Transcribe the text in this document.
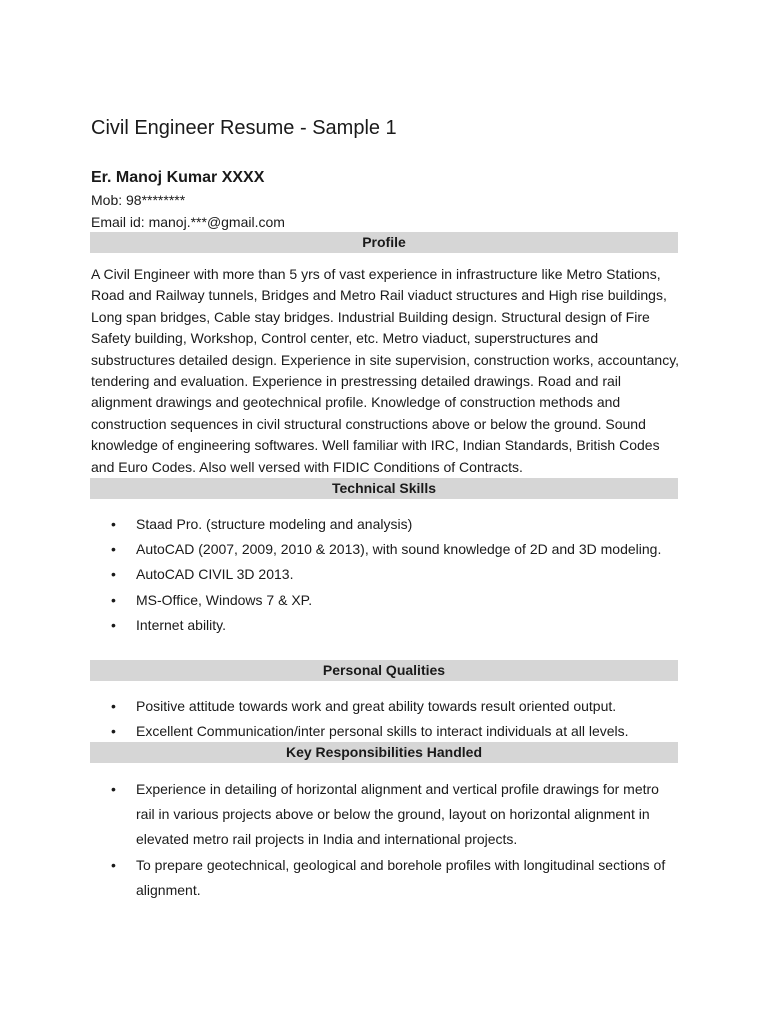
Civil Engineer Resume - Sample 1
Er. Manoj Kumar XXXX
Mob: 98********
Email id: manoj.***@gmail.com
Profile

A Civil Engineer with more than 5 yrs of vast experience in infrastructure like Metro Stations, Road and Railway tunnels, Bridges and Metro Rail viaduct structures and High rise buildings, Long span bridges, Cable stay bridges. Industrial Building design. Structural design of Fire Safety building, Workshop, Control center, etc. Metro viaduct, superstructures and substructures detailed design. Experience in site supervision, construction works, accountancy, tendering and evaluation. Experience in prestressing detailed drawings. Road and rail alignment drawings and geotechnical profile. Knowledge of construction methods and construction sequences in civil structural constructions above or below the ground. Sound knowledge of engineering softwares. Well familiar with IRC, Indian Standards, British Codes and Euro Codes. Also well versed with FIDIC Conditions of Contracts.

Technical Skills
• Staad Pro. (structure modeling and analysis)
• AutoCAD (2007, 2009, 2010 & 2013), with sound knowledge of 2D and 3D modeling.
• AutoCAD CIVIL 3D 2013.
• MS-Office, Windows 7 & XP.
• Internet ability.
Personal Qualities
• Positive attitude towards work and great ability towards result oriented output.
• Excellent Communication/inter personal skills to interact individuals at all levels.
Key Responsibilities Handled
• Experience in detailing of horizontal alignment and vertical profile drawings for metro rail in various projects above or below the ground, layout on horizontal alignment in elevated metro rail projects in India and international projects.
• To prepare geotechnical, geological and borehole profiles with longitudinal sections of alignment.
